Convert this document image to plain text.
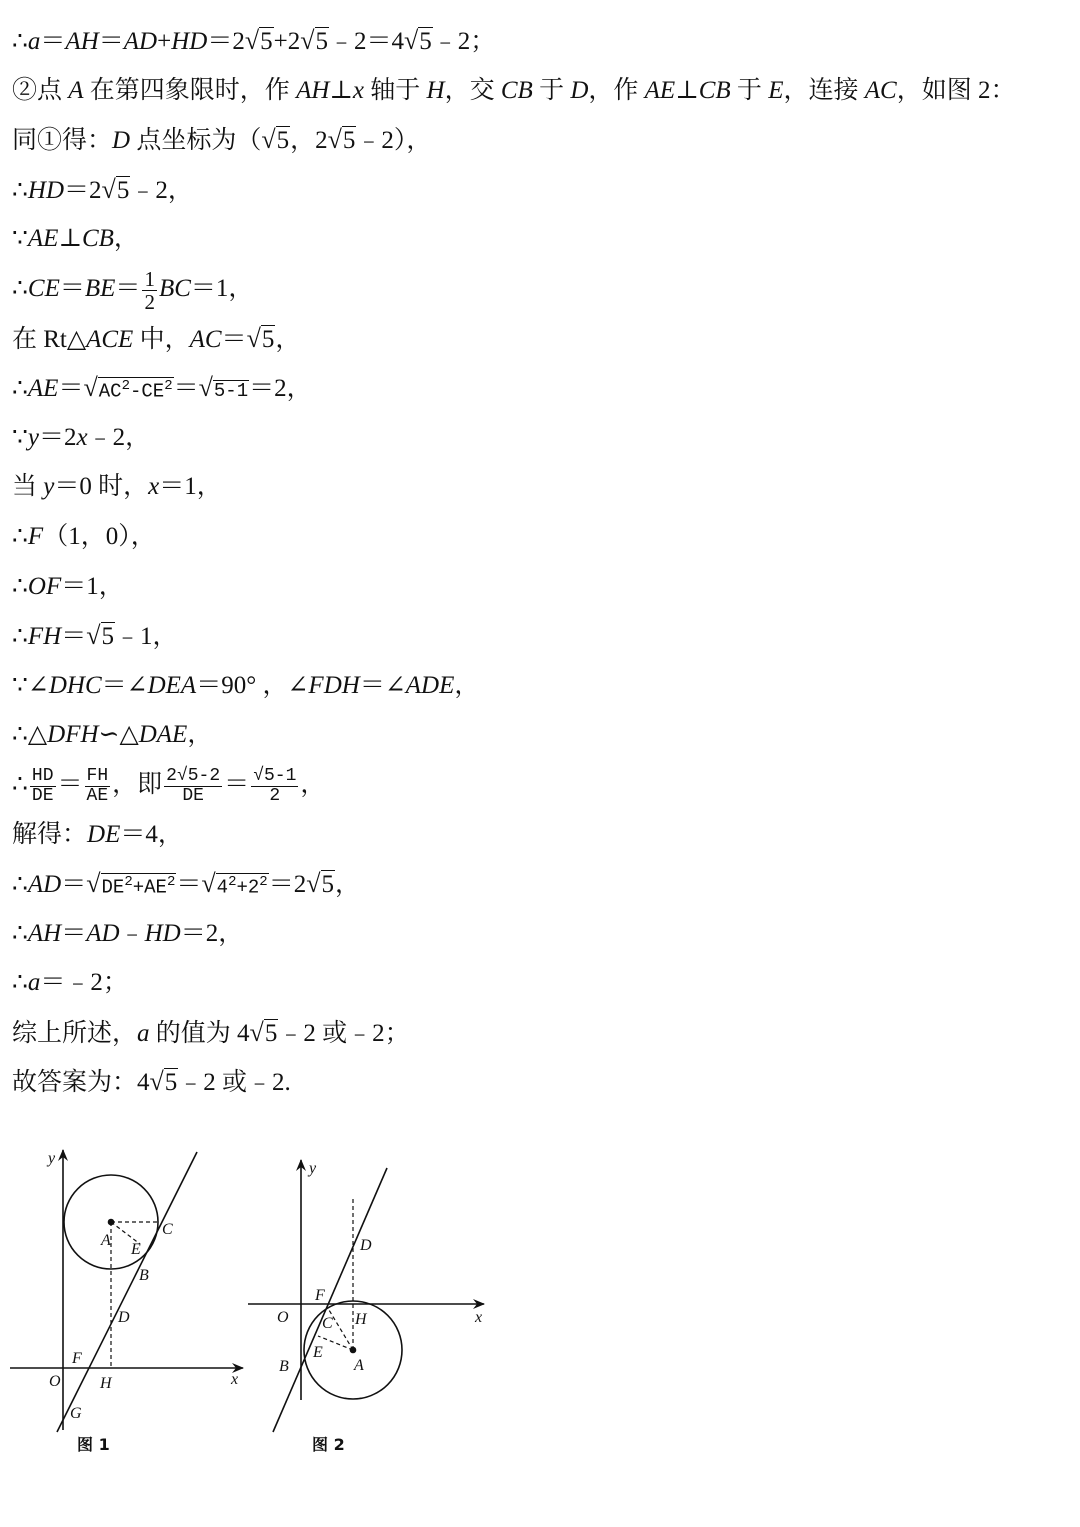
∴a＝AH＝AD+HD＝2√5+2√5﹣2＝4√5﹣2；
②点 A 在第四象限时，作 AH⊥x 轴于 H，交 CB 于 D，作 AE⊥CB 于 E，连接 AC，如图 2：
同①得：D 点坐标为（√5，2√5﹣2），
∴HD＝2√5﹣2，
∵AE⊥CB，
∴CE＝BE＝ $\frac{1}{2} BC=1$，
在 Rt△ACE 中，AC＝√5，
$\therefore AE=√AC^2-CE^2=√5-1=2$，
∵y＝2x﹣2，
当 y＝0 时，x＝1，
∴F（1，0），
∴OF＝1，
∴FH＝√5﹣1，
∵∠DHC＝∠DEA＝90° ，∠FDH＝∠ADE，
∴△DFH∽△DAE，
∴ $\frac{HD}{DE} = \frac{FH}{AE}$ ，即 $\frac{2√5-2}{DE} = \frac{√5-1}{2}$ ，
解得：DE＝4，
$\therefore AD=√DE^2+AE^2=√4^2+2^2=2√5$，
∴AH＝AD﹣HD＝2，
∴a＝﹣2；
综上所述，a 的值为 4√5﹣2 或﹣2；
故答案为：4√5﹣2 或﹣2.
y
x
O
A
C
E
B
D
F
H
G
图 1
y
x
O
F
D
C H
E
A
B
图 2
